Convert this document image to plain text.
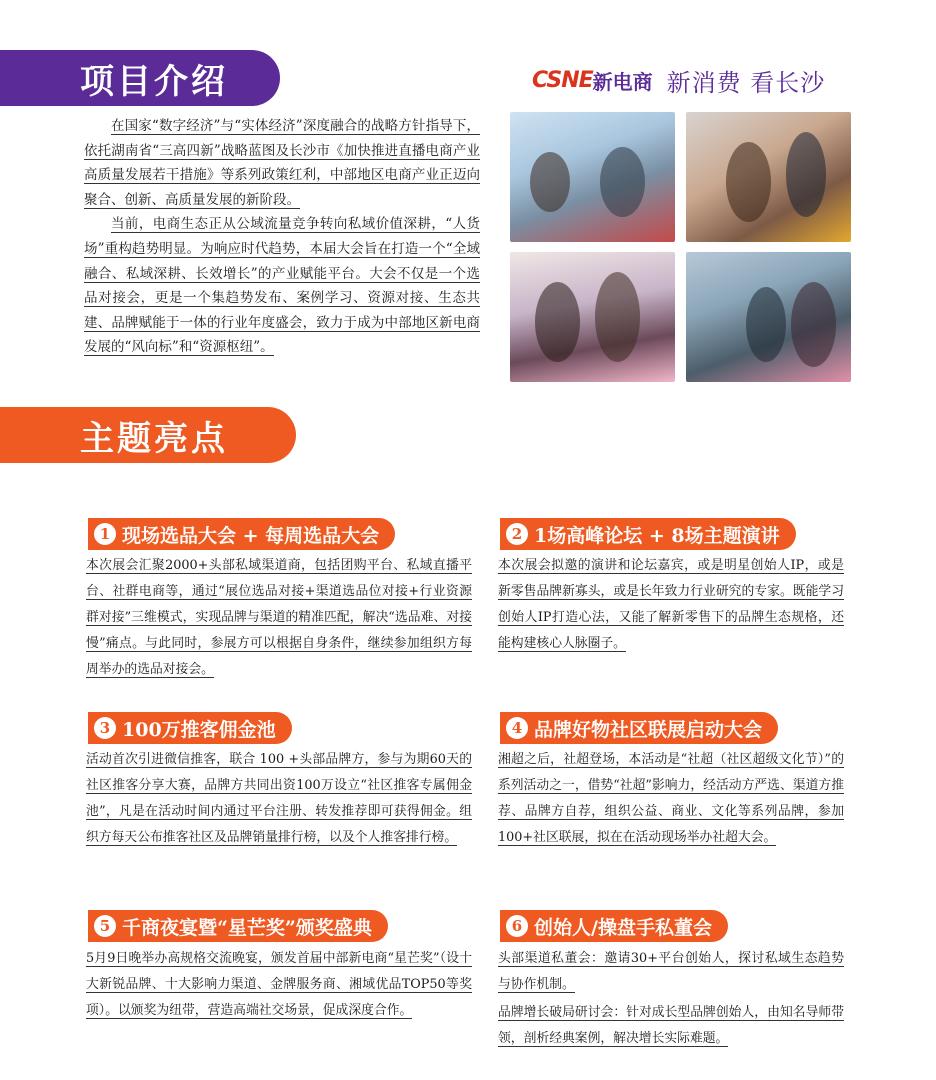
项目介绍	CSNE 新电商 新消费 看长沙

在国家“数字经济”与“实体经济”深度融合的战略方针指导下，依托湖南省“三高四新”战略蓝图及长沙市《加快推进直播电商产业高质量发展若干措施》等系列政策红利，中部地区电商产业正迈向聚合、创新、高质量发展的新阶段。

当前，电商生态正从公域流量竞争转向私域价值深耕，“人货场”重构趋势明显。为响应时代趋势，本届大会旨在打造一个“全域融合、私域深耕、长效增长”的产业赋能平台。大会不仅是一个选品对接会，更是一个集趋势发布、案例学习、资源对接、生态共建、品牌赋能于一体的行业年度盛会，致力于成为中部地区新电商发展的“风向标”和“资源枢纽”。

主题亮点
1 现场选品大会 + 每周选品大会

本次展会汇聚2000+头部私域渠道商，包括团购平台、私域直播平台、社群电商等，通过“展位选品对接+渠道选品位对接+行业资源群对接”三维模式，实现品牌与渠道的精准匹配，解决“选品难、对接慢”痛点。与此同时，参展方可以根据自身条件，继续参加组织方每周举办的选品对接会。

2 1场高峰论坛 + 8场主题演讲

本次展会拟邀的演讲和论坛嘉宾，或是明星创始人IP，或是新零售品牌新寡头，或是长年致力行业研究的专家。既能学习创始人IP打造心法，又能了解新零售下的品牌生态规格，还能构建核心人脉圈子。

3 100万推客佣金池

活动首次引进微信推客，联合 100 +头部品牌方，参与为期60天的社区推客分享大赛，品牌方共同出资100万设立“社区推客专属佣金池”，凡是在活动时间内通过平台注册、转发推荐即可获得佣金。组织方每天公布推客社区及品牌销量排行榜，以及个人推客排行榜。

4 品牌好物社区联展启动大会

湘超之后，社超登场，本活动是“社超（社区超级文化节）”的系列活动之一，借势“社超”影响力，经活动方严选、渠道方推荐、品牌方自荐，组织公益、商业、文化等系列品牌，参加100+社区联展，拟在在活动现场举办社超大会。

5 千商夜宴暨“星芒奖”颁奖盛典

5月9日晚举办高规格交流晚宴，颁发首届中部新电商“星芒奖”（设十大新锐品牌、十大影响力渠道、金牌服务商、湘域优品TOP50等奖项）。以颁奖为纽带，营造高端社交场景，促成深度合作。

6 创始人/操盘手私董会

头部渠道私董会：邀请30+平台创始人，探讨私域生态趋势与协作机制。

品牌增长破局研讨会：针对成长型品牌创始人，由知名导师带领，剖析经典案例，解决增长实际难题。
